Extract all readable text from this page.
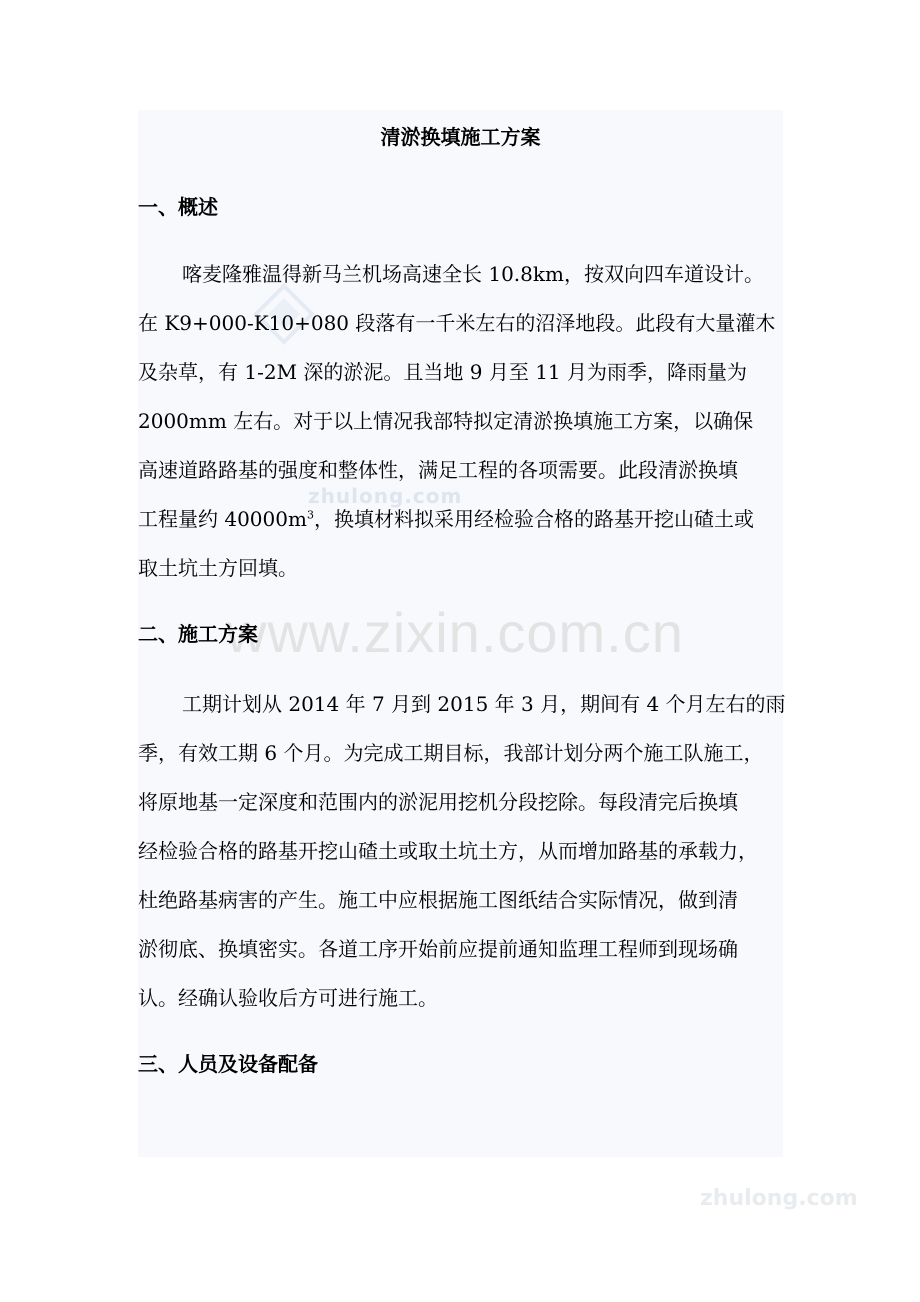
zhulong.com
www.zixin.com.cn
zhulong.com
清淤换填施工方案
一、概述
喀麦隆雅温得新马兰机场高速全长 10.8km，按双向四车道设计。
在 K9+000-K10+080 段落有一千米左右的沼泽地段。此段有大量灌木
及杂草，有 1-2M 深的淤泥。且当地 9 月至 11 月为雨季，降雨量为
2000mm 左右。对于以上情况我部特拟定清淤换填施工方案，以确保
高速道路路基的强度和整体性，满足工程的各项需要。此段清淤换填
工程量约 $40000m^3$，换填材料拟采用经检验合格的路基开挖山碴土或
取土坑土方回填。
二、施工方案
工期计划从 2014 年 7 月到 2015 年 3 月，期间有 4 个月左右的雨
季，有效工期 6 个月。为完成工期目标，我部计划分两个施工队施工，
将原地基一定深度和范围内的淤泥用挖机分段挖除。每段清完后换填
经检验合格的路基开挖山碴土或取土坑土方，从而增加路基的承载力，
杜绝路基病害的产生。施工中应根据施工图纸结合实际情况，做到清
淤彻底、换填密实。各道工序开始前应提前通知监理工程师到现场确
认。经确认验收后方可进行施工。
三、人员及设备配备
